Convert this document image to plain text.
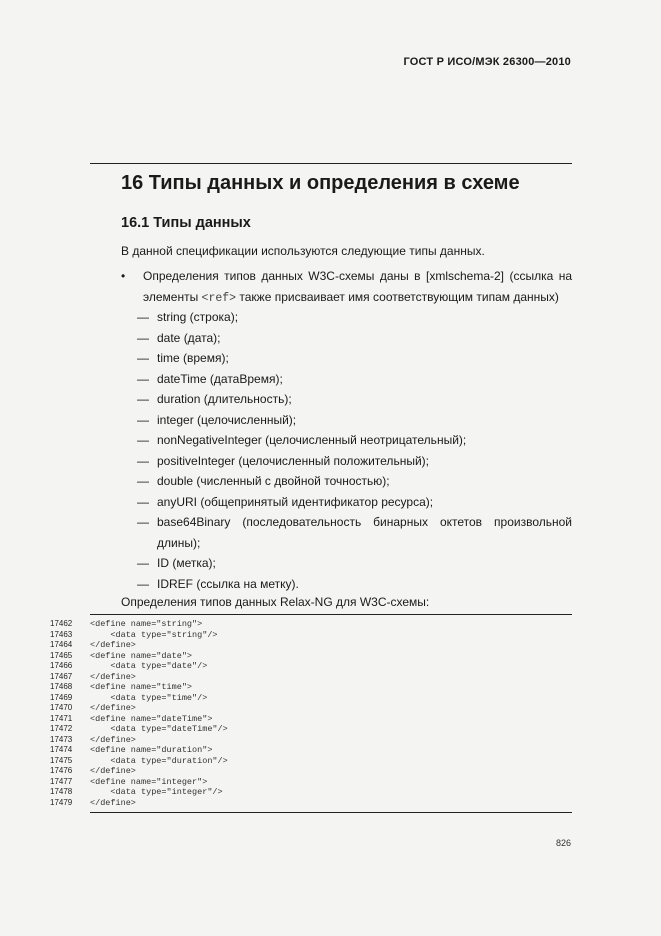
ГОСТ Р ИСО/МЭК 26300—2010
16 Типы данных и определения в схеме
16.1 Типы данных
В данной спецификации используются следующие типы данных.
• Определения типов данных W3C-схемы даны в [xmlschema-2] (ссылка на элементы <ref> также присваивает имя соответствующим типам данных)
— string (строка);
— date (дата);
— time (время);
— dateTime (датаВремя);
— duration (длительность);
— integer (целочисленный);
— nonNegativeInteger (целочисленный неотрицательный);
— positiveInteger (целочисленный положительный);
— double (численный с двойной точностью);
— anyURI (общепринятый идентификатор ресурса);
— base64Binary (последовательность бинарных октетов произвольной длины);
— ID (метка);
— IDREF (ссылка на метку).
Определения типов данных Relax-NG для W3C-схемы:
17462	<define name="string">
17463	<data type="string"/>
17464	</define>
17465	<define name="date">
17466	<data type="date"/>
17467	</define>
17468	<define name="time">
17469	<data type="time"/>
17470	</define>
17471	<define name="dateTime">
17472	<data type="dateTime"/>
17473	</define>
17474	<define name="duration">
17475	<data type="duration"/>
17476	</define>
17477	<define name="integer">
17478	<data type="integer"/>
17479	</define>
826
